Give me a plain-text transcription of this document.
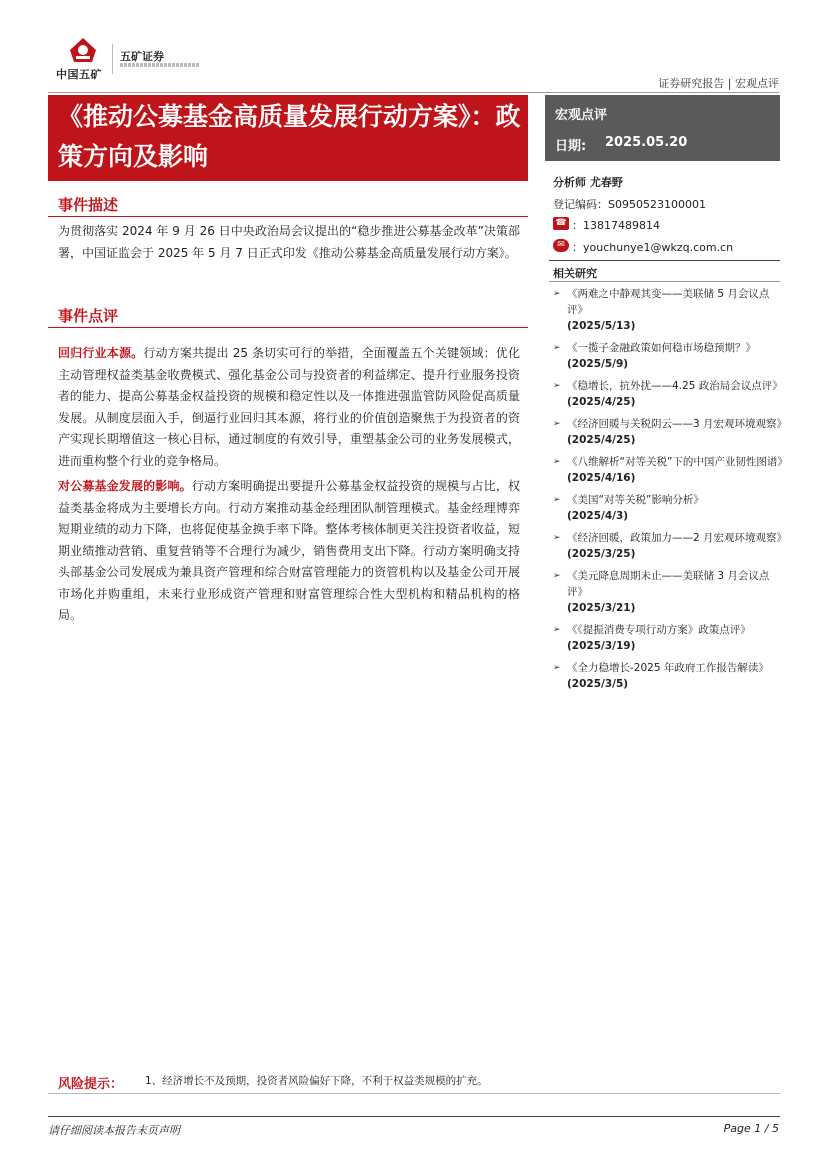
中国五矿
五矿证券
证券研究报告 | 宏观点评
《推动公募基金高质量发展行动方案》：政策方向及影响
宏观点评
日期: 2025.05.20
事件描述
为贯彻落实 2024 年 9 月 26 日中央政治局会议提出的“稳步推进公募基金改革”决策部署，中国证监会于 2025 年 5 月 7 日正式印发《推动公募基金高质量发展行动方案》。
事件点评
回归行业本源。行动方案共提出 25 条切实可行的举措，全面覆盖五个关键领域：优化主动管理权益类基金收费模式、强化基金公司与投资者的利益绑定、提升行业服务投资者的能力、提高公募基金权益投资的规模和稳定性以及一体推进强监管防风险促高质量发展。从制度层面入手，倒逼行业回归其本源，将行业的价值创造聚焦于为投资者的资产实现长期增值这一核心目标，通过制度的有效引导，重塑基金公司的业务发展模式，进而重构整个行业的竞争格局。
对公募基金发展的影响。行动方案明确提出要提升公募基金权益投资的规模与占比，权益类基金将成为主要增长方向。行动方案推动基金经理团队制管理模式。基金经理博弈短期业绩的动力下降，也将促使基金换手率下降。整体考核体制更关注投资者收益，短期业绩推动营销、重复营销等不合理行为减少，销售费用支出下降。行动方案明确支持头部基金公司发展成为兼具资产管理和综合财富管理能力的资管机构以及基金公司开展市场化并购重组，未来行业形成资产管理和财富管理综合性大型机构和精品机构的格局。
分析师 尤春野
登记编码：S0950523100001
☎ ：13817489814
✉ ：youchunye1@wkzq.com.cn
相关研究
➢ 《两难之中静观其变——美联储 5 月会议点评》
(2025/5/13)
➢ 《一揽子金融政策如何稳市场稳预期？》
(2025/5/9)
➢ 《稳增长，抗外扰——4.25 政治局会议点评》
(2025/4/25)
➢ 《经济回暖与关税阴云——3 月宏观环境观察》
(2025/4/25)
➢ 《八维解析“对等关税”下的中国产业韧性图谱》
(2025/4/16)
➢ 《美国“对等关税”影响分析》
(2025/4/3)
➢ 《经济回暖，政策加力——2 月宏观环境观察》
(2025/3/25)
➢ 《美元降息周期未止——美联储 3 月会议点评》
(2025/3/21)
➢ 《《提振消费专项行动方案》政策点评》
(2025/3/19)
➢ 《全力稳增长-2025 年政府工作报告解读》
(2025/3/5)
风险提示： 1、经济增长不及预期，投资者风险偏好下降，不利于权益类规模的扩充。
请仔细阅读本报告末页声明	Page 1 / 5
